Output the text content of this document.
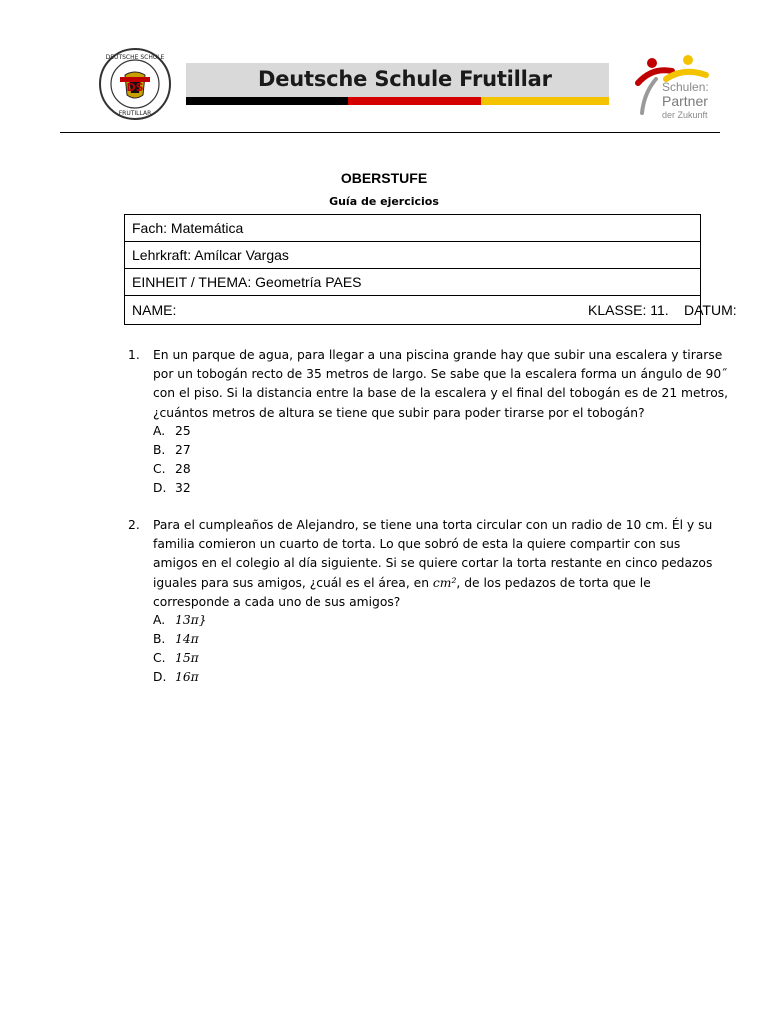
DS
DEUTSCHE SCHULE
FRUTILLAR
Deutsche Schule Frutillar	Schulen:
Partner
der Zukunft
OBERSTUFE
Guía de ejercicios
Fach: Matemática
Lehrkraft: Amílcar Vargas
EINHEIT / THEMA: Geometría PAES
NAME:	KLASSE: 11. DATUM:
1. En un parque de agua, para llegar a una piscina grande hay que subir una escalera y tirarse
por un tobogán recto de 35 metros de largo. Se sabe que la escalera forma un ángulo de 90˝
con el piso. Si la distancia entre la base de la escalera y el final del tobogán es de 21 metros,
¿cuántos metros de altura se tiene que subir para poder tirarse por el tobogán?
A. 25
B. 27
C. 28
D. 32
2. Para el cumpleaños de Alejandro, se tiene una torta circular con un radio de 10 cm. Él y su
familia comieron un cuarto de torta. Lo que sobró de esta la quiere compartir con sus
amigos en el colegio al día siguiente. Si se quiere cortar la torta restante en cinco pedazos
iguales para sus amigos, ¿cuál es el área, en cm², de los pedazos de torta que le
corresponde a cada uno de sus amigos?
A. 13π}
B. 14π
C. 15π
D. 16π
